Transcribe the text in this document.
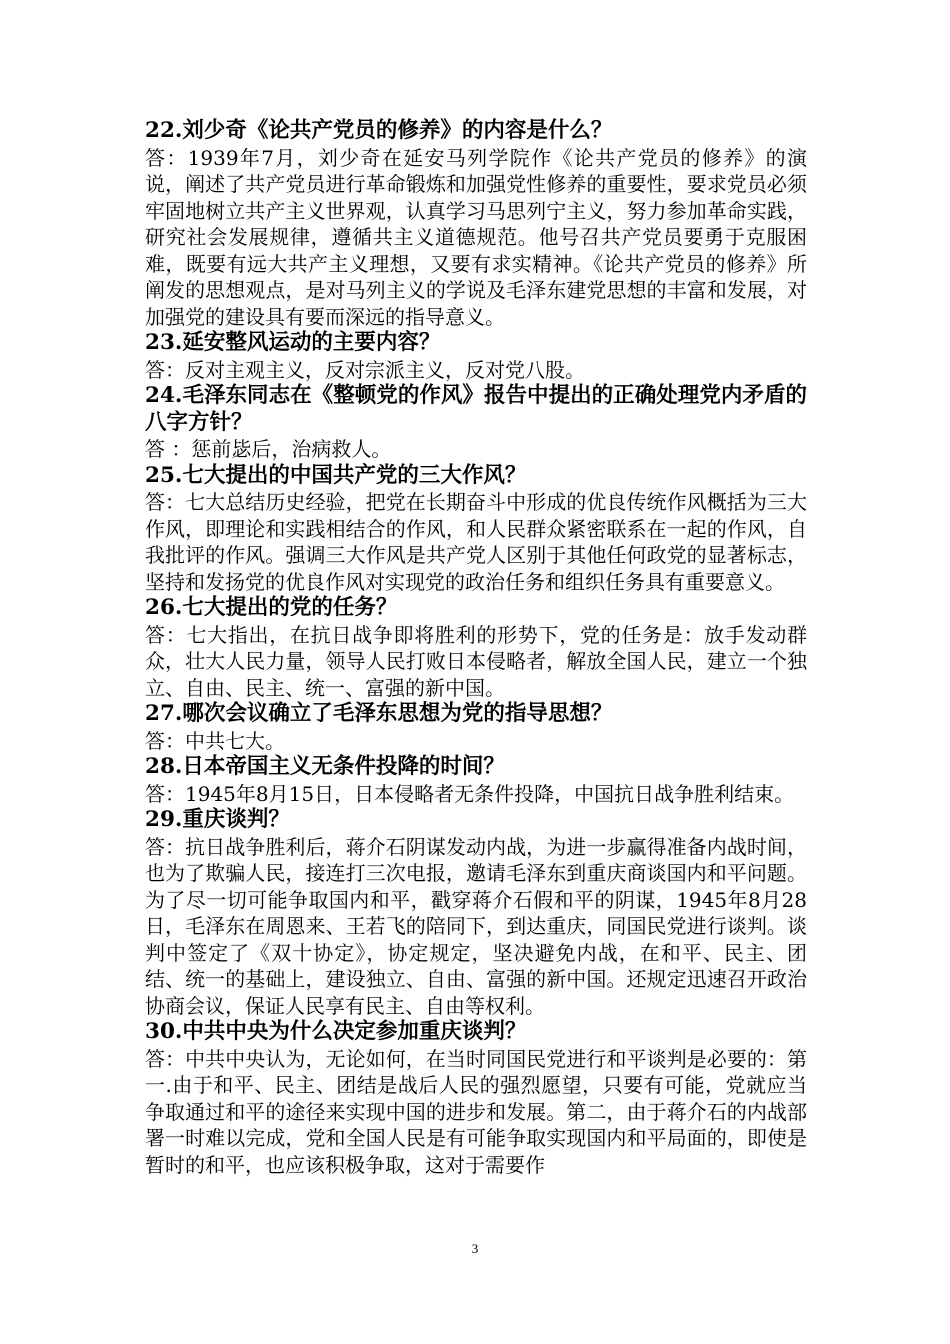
22.刘少奇《论共产党员的修养》的内容是什么？

答：1939年7月，刘少奇在延安马列学院作《论共产党员的修养》的演说，阐述了共产党员进行革命锻炼和加强党性修养的重要性，要求党员必须牢固地树立共产主义世界观，认真学习马思列宁主义，努力参加革命实践，研究社会发展规律，遵循共主义道德规范。他号召共产党员要勇于克服困难，既要有远大共产主义理想，又要有求实精神。《论共产党员的修养》所阐发的思想观点，是对马列主义的学说及毛泽东建党思想的丰富和发展，对加强党的建设具有要而深远的指导意义。

23.延安整风运动的主要内容？

答：反对主观主义，反对宗派主义，反对党八股。

24.毛泽东同志在《整顿党的作风》报告中提出的正确处理党内矛盾的八字方针？

答 ：惩前毖后，治病救人。

25.七大提出的中国共产党的三大作风？

答：七大总结历史经验，把党在长期奋斗中形成的优良传统作风概括为三大作风，即理论和实践相结合的作风，和人民群众紧密联系在一起的作风，自我批评的作风。强调三大作风是共产党人区别于其他任何政党的显著标志，坚持和发扬党的优良作风对实现党的政治任务和组织任务具有重要意义。

26.七大提出的党的任务？

答：七大指出，在抗日战争即将胜利的形势下，党的任务是：放手发动群众，壮大人民力量，领导人民打败日本侵略者，解放全国人民，建立一个独立、自由、民主、统一、富强的新中国。

27.哪次会议确立了毛泽东思想为党的指导思想？

答：中共七大。

28.日本帝国主义无条件投降的时间？

答：1945年8月15日，日本侵略者无条件投降，中国抗日战争胜利结束。

29.重庆谈判？

答：抗日战争胜利后，蒋介石阴谋发动内战，为进一步赢得准备内战时间，也为了欺骗人民，接连打三次电报，邀请毛泽东到重庆商谈国内和平问题。为了尽一切可能争取国内和平，戳穿蒋介石假和平的阴谋，1945年8月28日，毛泽东在周恩来、王若飞的陪同下，到达重庆，同国民党进行谈判。谈判中签定了《双十协定》，协定规定，坚决避免内战，在和平、民主、团结、统一的基础上，建设独立、自由、富强的新中国。还规定迅速召开政治协商会议，保证人民享有民主、自由等权利。

30.中共中央为什么决定参加重庆谈判？

答：中共中央认为，无论如何，在当时同国民党进行和平谈判是必要的：第一.由于和平、民主、团结是战后人民的强烈愿望，只要有可能，党就应当争取通过和平的途径来实现中国的进步和发展。第二，由于蒋介石的内战部署一时难以完成，党和全国人民是有可能争取实现国内和平局面的，即使是暂时的和平，也应该积极争取，这对于需要作

3
